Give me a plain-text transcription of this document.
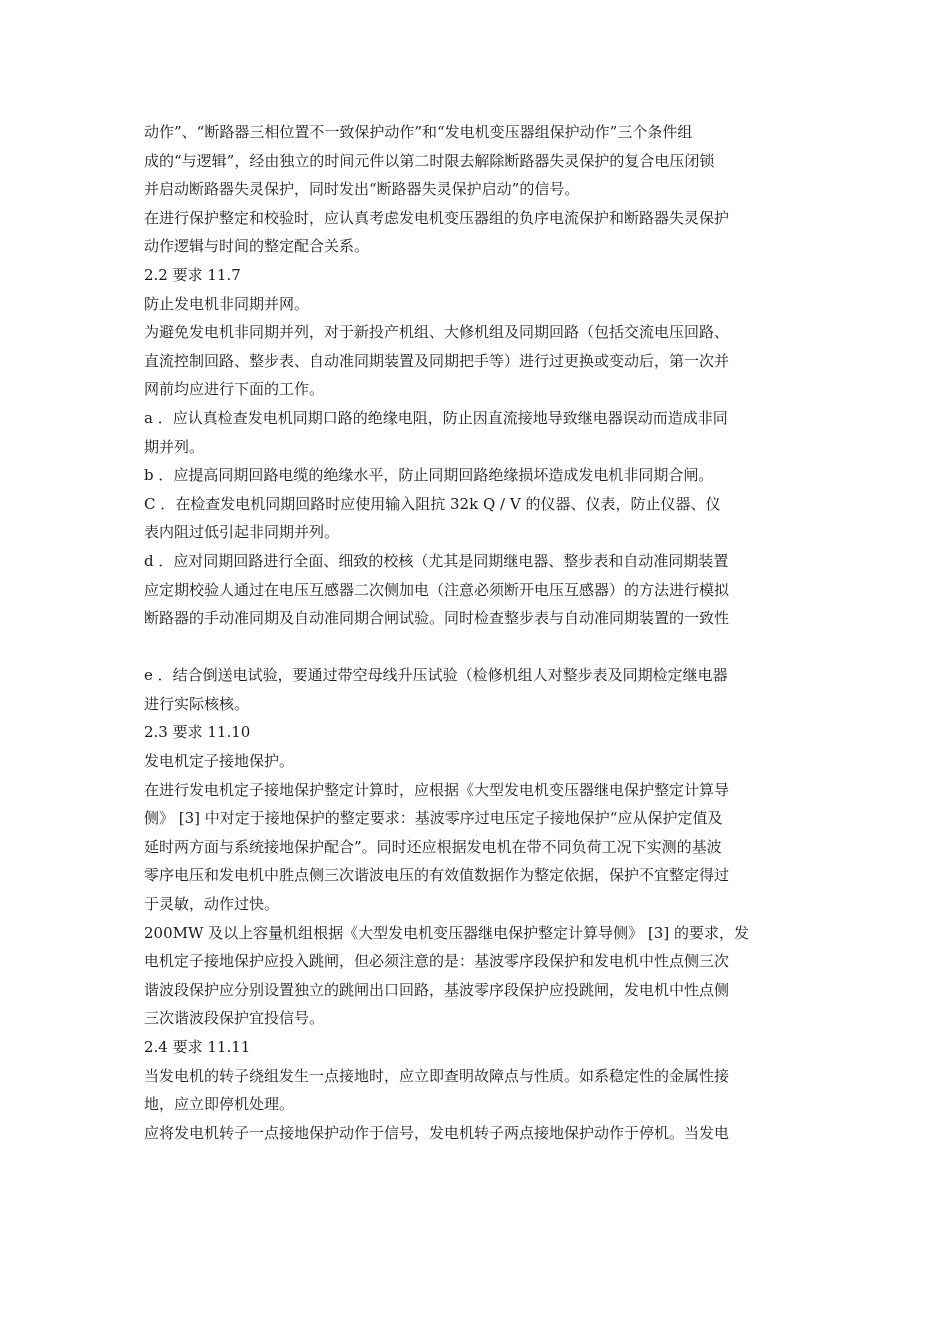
动作”、“断路器三相位置不一致保护动作”和“发电机变压器组保护动作”三个条件组
成的“与逻辑”，经由独立的时间元件以第二时限去解除断路器失灵保护的复合电压闭锁
并启动断路器失灵保护，同时发出“断路器失灵保护启动”的信号。
在进行保护整定和校验时，应认真考虑发电机变压器组的负序电流保护和断路器失灵保护
动作逻辑与时间的整定配合关系。
2.2 要求 11.7
防止发电机非同期并网。
为避免发电机非同期并列，对于新投产机组、大修机组及同期回路（包括交流电压回路、
直流控制回路、整步表、自动准同期装置及同期把手等）进行过更换或变动后，第一次并
网前均应进行下面的工作。
a ．应认真检查发电机同期口路的绝缘电阻，防止因直流接地导致继电器误动而造成非同
期并列。
b ．应提高同期回路电缆的绝缘水平，防止同期回路绝缘损坏造成发电机非同期合闸。
C ．在检查发电机同期回路时应使用输入阻抗 32k Q / V 的仪器、仪表，防止仪器、仪
表内阻过低引起非同期并列。
d ．应对同期回路进行全面、细致的校核（尤其是同期继电器、整步表和自动准同期装置
应定期校验人通过在电压互感器二次侧加电（注意必须断开电压互感器）的方法进行模拟
断路器的手动准同期及自动准同期合闸试验。同时检查整步表与自动准同期装置的一致性
e ．结合倒送电试验，要通过带空母线升压试验（检修机组人对整步表及同期检定继电器
进行实际核核。
2.3 要求 11.10
发电机定子接地保护。
在进行发电机定子接地保护整定计算时，应根据《大型发电机变压器继电保护整定计算导
侧》 [3] 中对定于接地保护的整定要求：基波零序过电压定子接地保护“应从保护定值及
延时两方面与系统接地保护配合”。同时还应根据发电机在带不同负荷工况下实测的基波
零序电压和发电机中胜点侧三次谐波电压的有效值数据作为整定依据，保护不宜整定得过
于灵敏，动作过快。
200MW 及以上容量机组根据《大型发电机变压器继电保护整定计算导侧》 [3] 的要求，发
电机定子接地保护应投入跳闸，但必须注意的是：基波零序段保护和发电机中性点侧三次
谐波段保护应分别设置独立的跳闸出口回路，基波零序段保护应投跳闸，发电机中性点侧
三次谐波段保护宜投信号。
2.4 要求 11.11
当发电机的转子绕组发生一点接地时，应立即查明故障点与性质。如系稳定性的金属性接
地，应立即停机处理。
应将发电机转子一点接地保护动作于信号，发电机转子两点接地保护动作于停机。当发电
